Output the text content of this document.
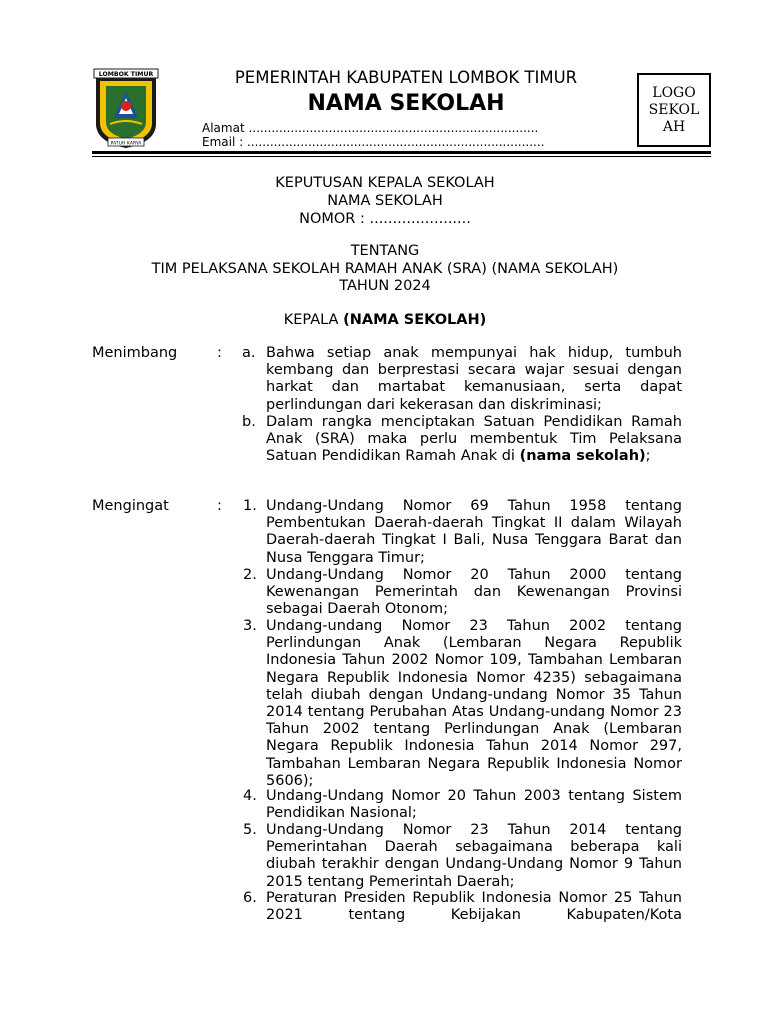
LOMBOK TIMUR
PATUH KARYA
PEMERINTAH KABUPATEN LOMBOK TIMUR
NAMA SEKOLAH
Alamat ............................................................................
Email : ..............................................................................
LOGO SEKOLAH
KEPUTUSAN KEPALA SEKOLAH
NAMA SEKOLAH
NOMOR : ......................
TENTANG
TIM PELAKSANA SEKOLAH RAMAH ANAK (SRA) (NAMA SEKOLAH)
TAHUN 2024
KEPALA (NAMA SEKOLAH)
Menimbang	: a. Bahwa setiap anak mempunyai hak hidup, tumbuh kembang dan berprestasi secara wajar sesuai dengan harkat dan martabat kemanusiaan, serta dapat perlindungan dari kekerasan dan diskriminasi;
b. Dalam rangka menciptakan Satuan Pendidikan Ramah Anak (SRA) maka perlu membentuk Tim Pelaksana Satuan Pendidikan Ramah Anak di (nama sekolah);
Mengingat	: 1. Undang-Undang Nomor 69 Tahun 1958 tentang Pembentukan Daerah-daerah Tingkat II dalam Wilayah Daerah-daerah Tingkat I Bali, Nusa Tenggara Barat dan Nusa Tenggara Timur;
2. Undang-Undang Nomor 20 Tahun 2000 tentang Kewenangan Pemerintah dan Kewenangan Provinsi sebagai Daerah Otonom;
3. Undang-undang Nomor 23 Tahun 2002 tentang Perlindungan Anak (Lembaran Negara Republik Indonesia Tahun 2002 Nomor 109, Tambahan Lembaran Negara Republik Indonesia Nomor 4235) sebagaimana telah diubah dengan Undang-undang Nomor 35 Tahun 2014 tentang Perubahan Atas Undang-undang Nomor 23 Tahun 2002 tentang Perlindungan Anak (Lembaran Negara Republik Indonesia Tahun 2014 Nomor 297, Tambahan Lembaran Negara Republik Indonesia Nomor 5606);
4. Undang-Undang Nomor 20 Tahun 2003 tentang Sistem Pendidikan Nasional;
5. Undang-Undang Nomor 23 Tahun 2014 tentang Pemerintahan Daerah sebagaimana beberapa kali diubah terakhir dengan Undang-Undang Nomor 9 Tahun 2015 tentang Pemerintah Daerah;
6. Peraturan Presiden Republik Indonesia Nomor 25 Tahun 2021 tentang Kebijakan Kabupaten/Kota
